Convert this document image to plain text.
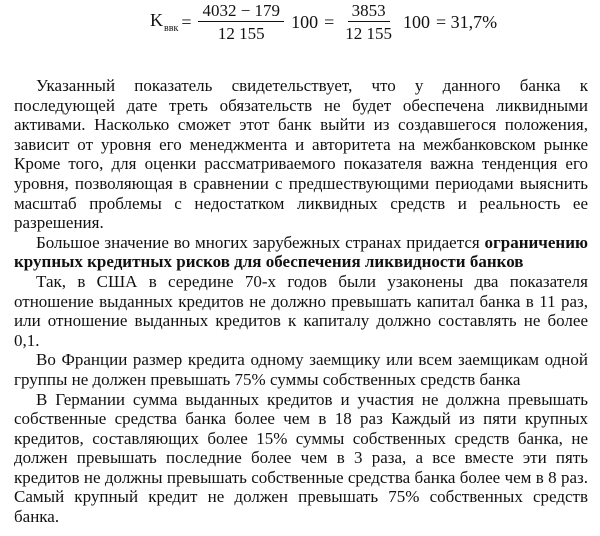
$K_{ввк} = \frac{4032 - 179}{12 155} 100 = \frac{3853}{12 155} 100 = 31,7\%$

Указанный показатель свидетельствует, что у данного банка к последующей дате треть обязательств не будет обеспечена ликвидными активами. Насколько сможет этот банк выйти из создавшегося положения, зависит от уровня его менеджмента и авторитета на межбанковском рынке Кроме того, для оценки рассматриваемого показателя важна тенденция его уровня, позволяющая в сравнении с предшествующими периодами выяснить масштаб проблемы с недостатком ликвидных средств и реальность ее разрешения.

Большое значение во многих зарубежных странах придается ограничению крупных кредитных рисков для обеспечения ликвидности банков

Так, в США в середине 70-х годов были узаконены два показателя отношение выданных кредитов не должно превышать капитал банка в 11 раз, или отношение выданных кредитов к капиталу должно составлять не более 0,1.

Во Франции размер кредита одному заемщику или всем заемщикам одной группы не должен превышать 75% суммы собственных средств банка

В Германии сумма выданных кредитов и участия не должна превышать собственные средства банка более чем в 18 раз Каждый из пяти крупных кредитов, составляющих более 15% суммы собственных средств банка, не должен превышать последние более чем в 3 раза, а все вместе эти пять кредитов не должны превышать собственные средства банка более чем в 8 раз. Самый крупный кредит не должен превышать 75% собственных средств банка.
